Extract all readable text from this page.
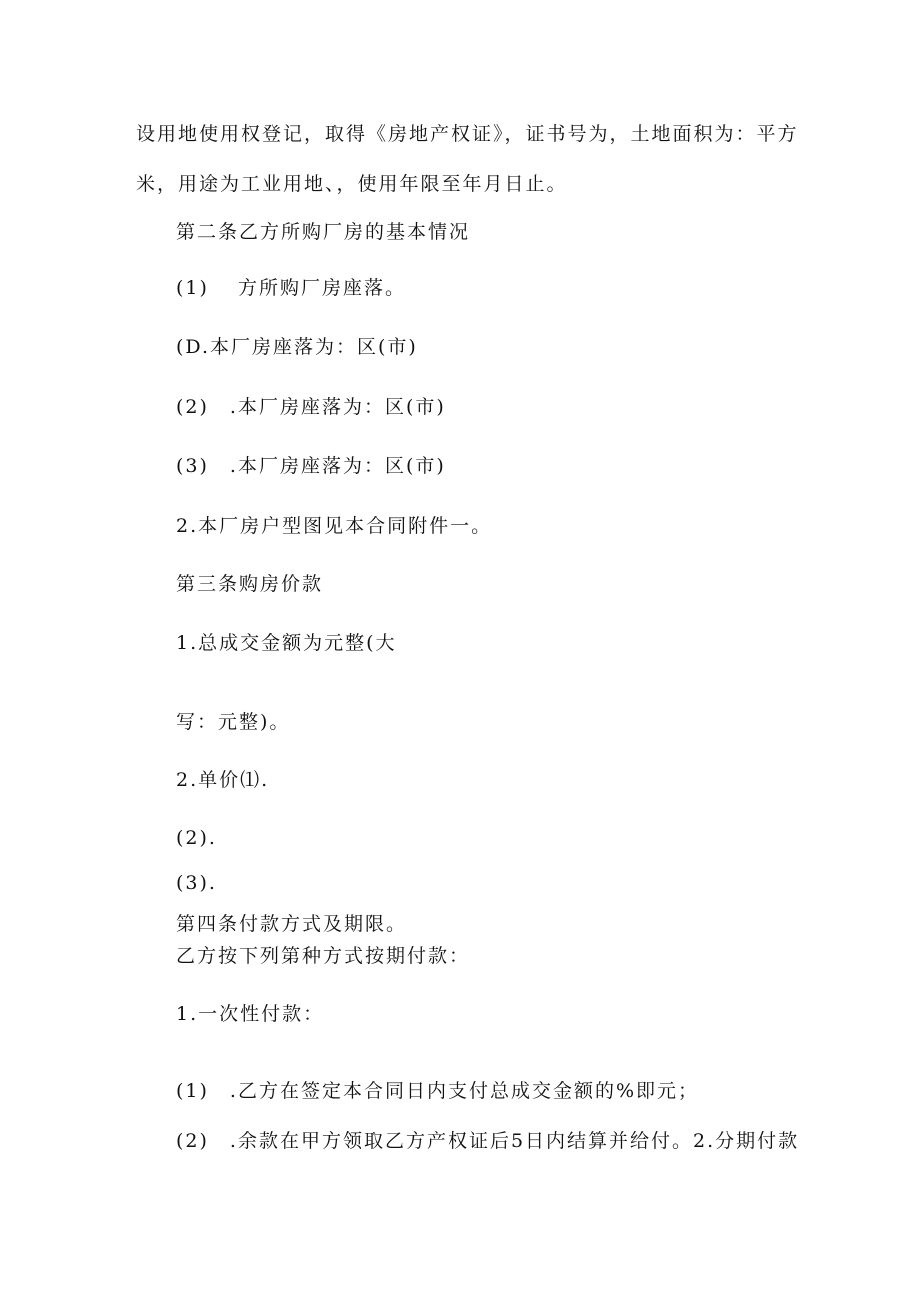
设用地使用权登记，取得《房地产权证》，证书号为，土地面积为：平方
米，用途为工业用地、，使用年限至年月日止。
第二条乙方所购厂房的基本情况
(1)　 方所购厂房座落。
(D.本厂房座落为：区(市)
(2)　.本厂房座落为：区(市)
(3)　.本厂房座落为：区(市)
2.本厂房户型图见本合同附件一。
第三条购房价款
1.总成交金额为元整(大
写：元整)。
2.单价⑴.
(2).
(3).
第四条付款方式及期限。
乙方按下列第种方式按期付款：
1.一次性付款：
(1)　.乙方在签定本合同日内支付总成交金额的%即元；
(2)　.余款在甲方领取乙方产权证后5日内结算并给付。2.分期付款
